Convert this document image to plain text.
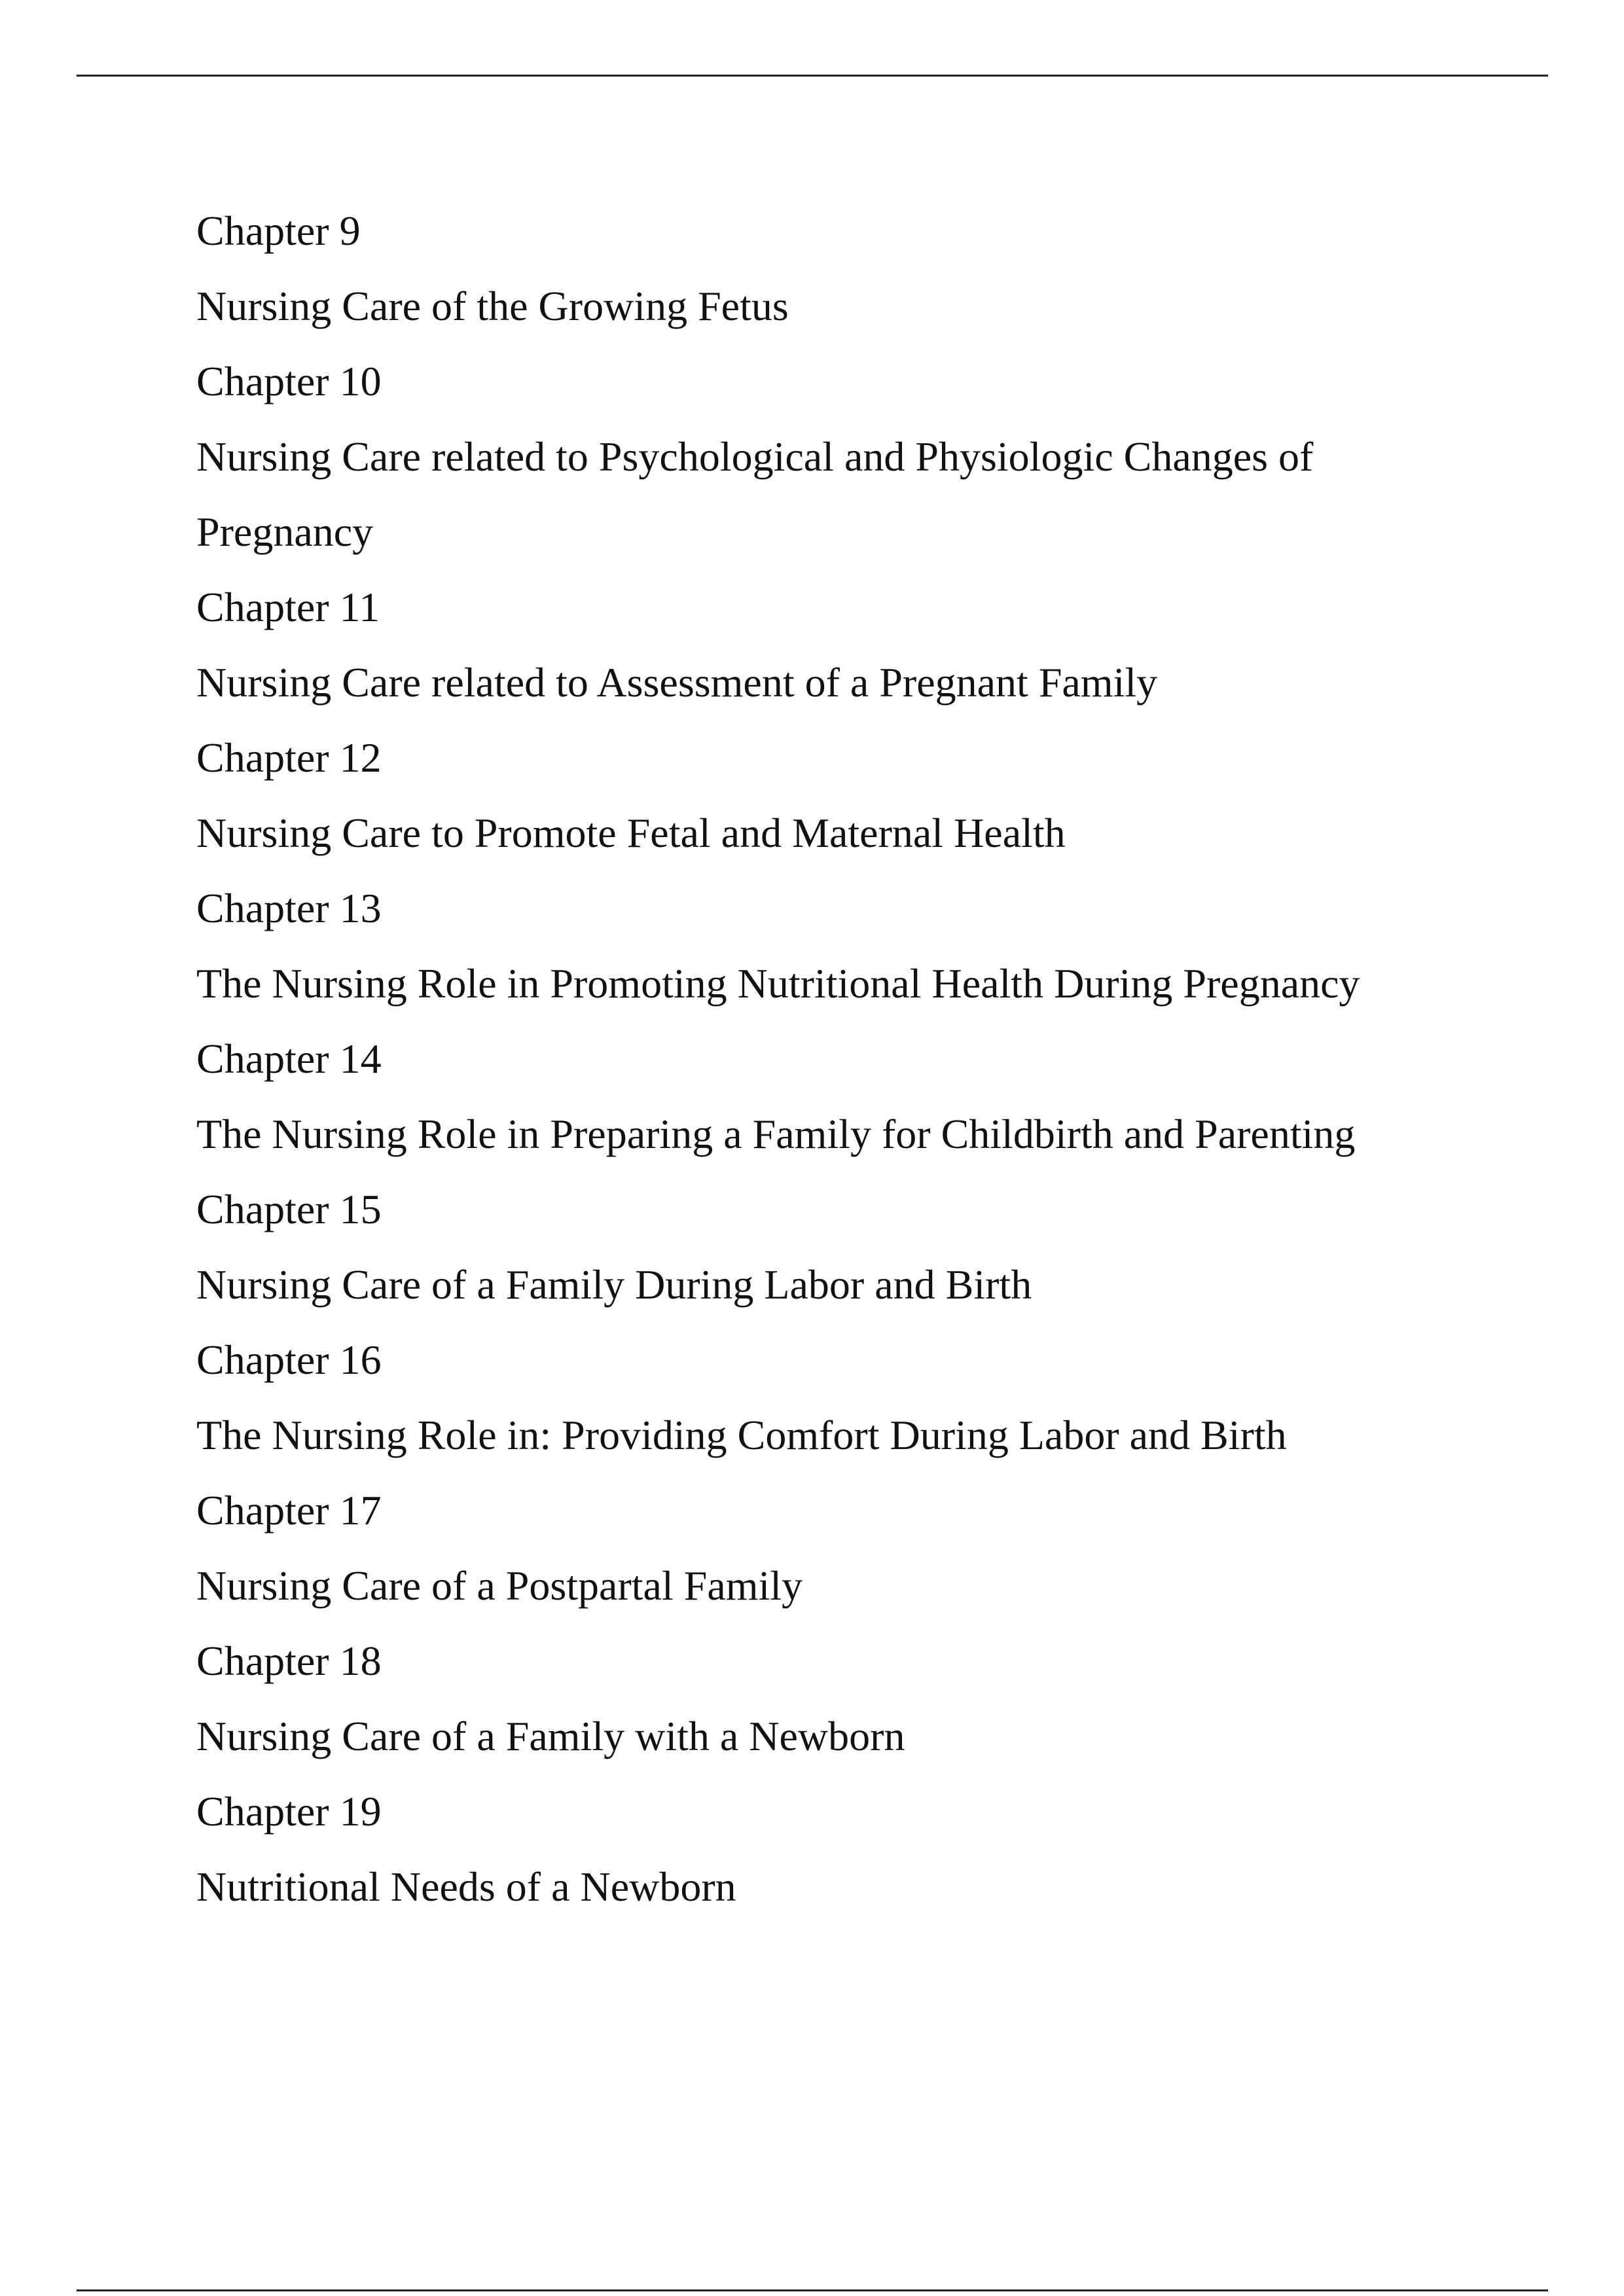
Chapter 9
Nursing Care of the Growing Fetus
Chapter 10
Nursing Care related to Psychological and Physiologic Changes of
Pregnancy
Chapter 11
Nursing Care related to Assessment of a Pregnant Family
Chapter 12
Nursing Care to Promote Fetal and Maternal Health
Chapter 13
The Nursing Role in Promoting Nutritional Health During Pregnancy
Chapter 14
The Nursing Role in Preparing a Family for Childbirth and Parenting
Chapter 15
Nursing Care of a Family During Labor and Birth
Chapter 16
The Nursing Role in: Providing Comfort During Labor and Birth
Chapter 17
Nursing Care of a Postpartal Family
Chapter 18
Nursing Care of a Family with a Newborn
Chapter 19
Nutritional Needs of a Newborn
